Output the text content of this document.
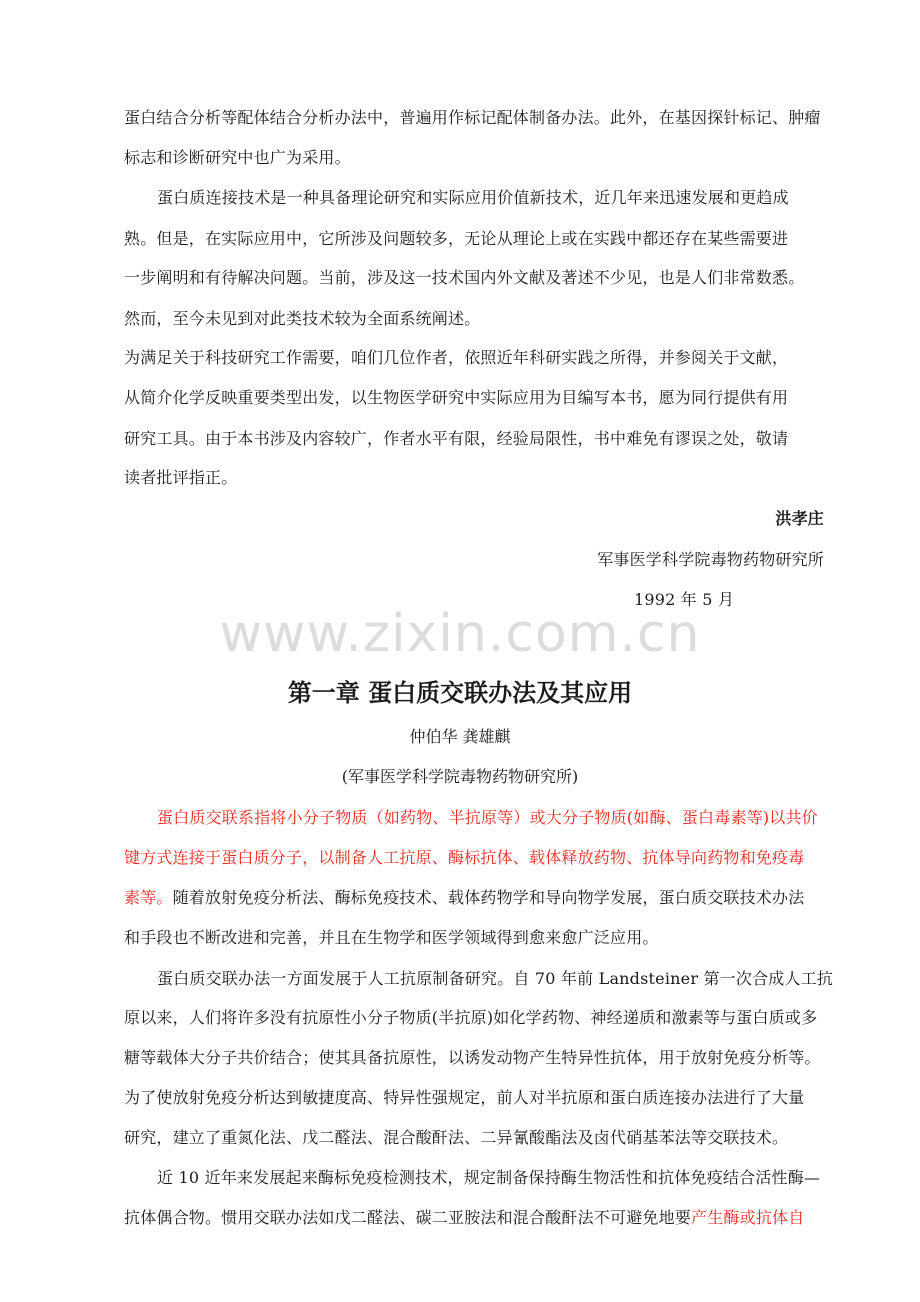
蛋白结合分析等配体结合分析办法中，普遍用作标记配体制备办法。此外，在基因探针标记、肿瘤
标志和诊断研究中也广为采用。
蛋白质连接技术是一种具备理论研究和实际应用价值新技术，近几年来迅速发展和更趋成
熟。但是，在实际应用中，它所涉及问题较多，无论从理论上或在实践中都还存在某些需要进
一步阐明和有待解决问题。当前，涉及这一技术国内外文献及著述不少见，也是人们非常数悉。
然而，至今未见到对此类技术较为全面系统阐述。
为满足关于科技研究工作需要，咱们几位作者，依照近年科研实践之所得，并参阅关于文献，
从简介化学反映重要类型出发，以生物医学研究中实际应用为目编写本书，愿为同行提供有用
研究工具。由于本书涉及内容较广，作者水平有限，经验局限性，书中难免有谬误之处，敬请
读者批评指正。
洪孝庄
军事医学科学院毒物药物研究所
1992 年 5 月
www.zixin.com.cn
第一章 蛋白质交联办法及其应用
仲伯华 龚雄麒
(军事医学科学院毒物药物研究所)
蛋白质交联系指将小分子物质（如药物、半抗原等）或大分子物质(如酶、蛋白毒素等)以共价
键方式连接于蛋白质分子，以制备人工抗原、酶标抗体、载体释放药物、抗体导向药物和免疫毒
素等。随着放射免疫分析法、酶标免疫技术、载体药物学和导向物学发展，蛋白质交联技术办法
和手段也不断改进和完善，并且在生物学和医学领域得到愈来愈广泛应用。
蛋白质交联办法一方面发展于人工抗原制备研究。自 70 年前 Landsteiner 第一次合成人工抗
原以来，人们将许多没有抗原性小分子物质(半抗原)如化学药物、神经递质和激素等与蛋白质或多
糖等载体大分子共价结合；使其具备抗原性，以诱发动物产生特异性抗体，用于放射免疫分析等。
为了使放射免疫分析达到敏捷度高、特异性强规定，前人对半抗原和蛋白质连接办法进行了大量
研究，建立了重氮化法、戊二醛法、混合酸酐法、二异氰酸酯法及卤代硝基苯法等交联技术。
近 10 近年来发展起来酶标免疫检测技术，规定制备保持酶生物活性和抗体免疫结合活性酶—
抗体偶合物。惯用交联办法如戊二醛法、碳二亚胺法和混合酸酐法不可避免地要产生酶或抗体自
